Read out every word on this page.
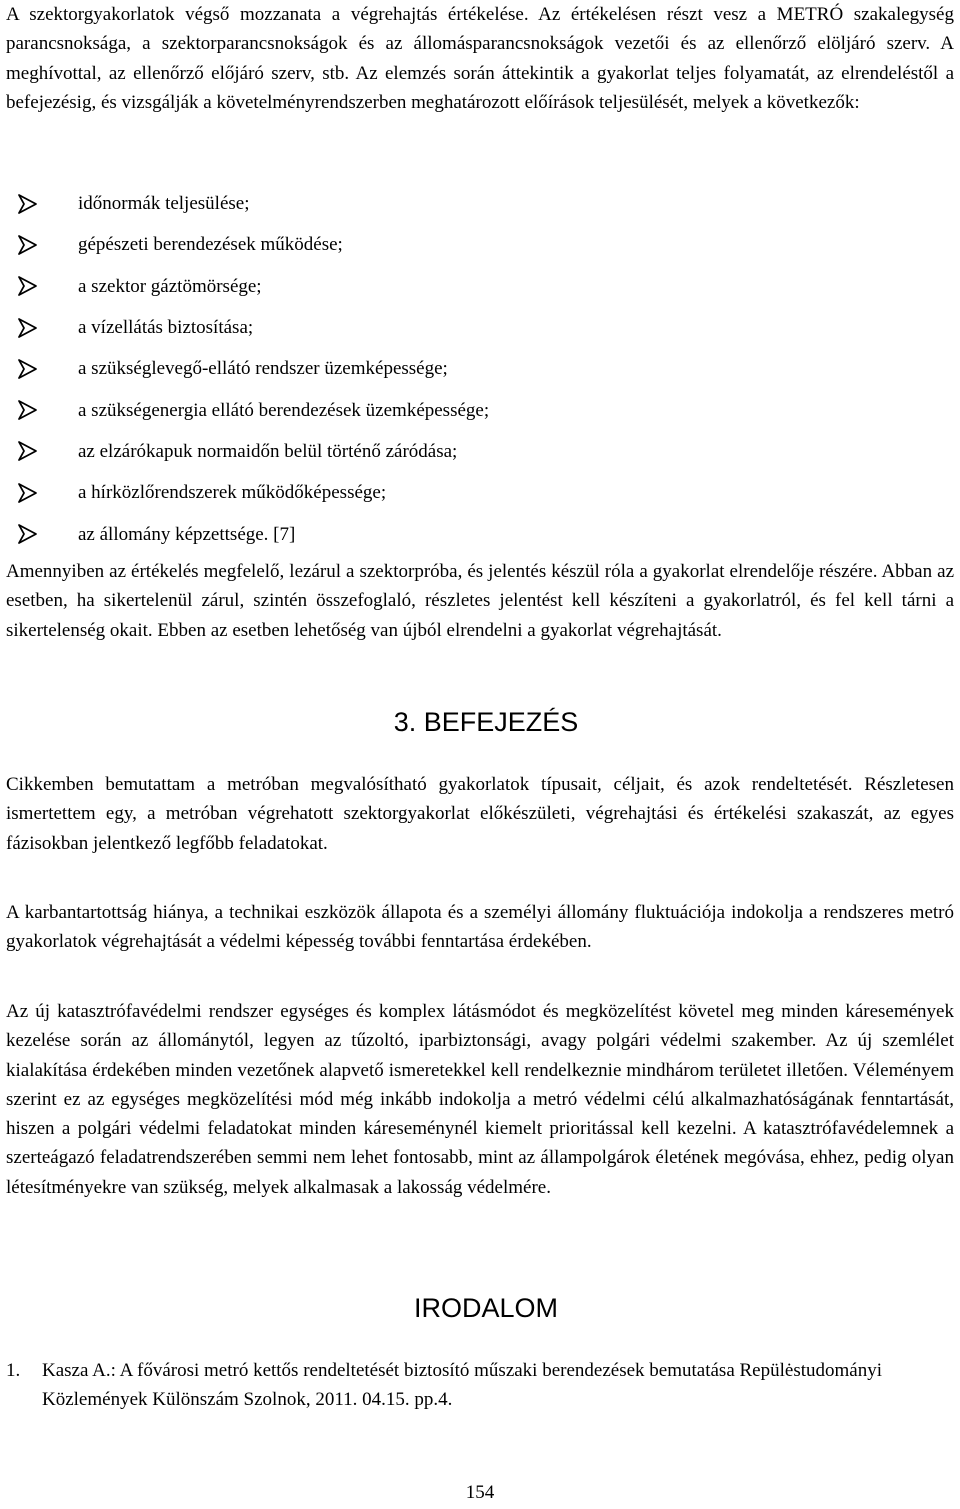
A szektorgyakorlatok végső mozzanata a végrehajtás értékelése. Az értékelésen részt vesz a METRÓ szakalegység parancsnoksága, a szektorparancsnokságok és az állomásparancsnokságok vezetői és az ellenőrző elöljáró szerv. A meghívottal, az ellenőrző előjáró szerv, stb. Az elemzés során áttekintik a gyakorlat teljes folyamatát, az elrendeléstől a befejezésig, és vizsgálják a követelményrendszerben meghatározott előírások teljesülését, melyek a következők:

időnormák teljesülése;
gépészeti berendezések működése;
a szektor gáztömörsége;
a vízellátás biztosítása;
a szükséglevegő-ellátó rendszer üzemképessége;
a szükségenergia ellátó berendezések üzemképessége;
az elzárókapuk normaidőn belül történő záródása;
a hírközlőrendszerek működőképessége;
az állomány képzettsége. [7]

Amennyiben az értékelés megfelelő, lezárul a szektorpróba, és jelentés készül róla a gyakorlat elrendelője részére. Abban az esetben, ha sikertelenül zárul, szintén összefoglaló, részletes jelentést kell készíteni a gyakorlatról, és fel kell tárni a sikertelenség okait. Ebben az esetben lehetőség van újból elrendelni a gyakorlat végrehajtását.

3. BEFEJEZÉS

Cikkemben bemutattam a metróban megvalósítható gyakorlatok típusait, céljait, és azok rendeltetését. Részletesen ismertettem egy, a metróban végrehatott szektorgyakorlat előkészületi, végrehajtási és értékelési szakaszát, az egyes fázisokban jelentkező legfőbb feladatokat.

A karbantartottság hiánya, a technikai eszközök állapota és a személyi állomány fluktuációja indokolja a rendszeres metró gyakorlatok végrehajtását a védelmi képesség további fenntartása érdekében.

Az új katasztrófavédelmi rendszer egységes és komplex látásmódot és megközelítést követel meg minden káresemények kezelése során az állománytól, legyen az tűzoltó, iparbiztonsági, avagy polgári védelmi szakember. Az új szemlélet kialakítása érdekében minden vezetőnek alapvető ismeretekkel kell rendelkeznie mindhárom területet illetően. Véleményem szerint ez az egységes megközelítési mód még inkább indokolja a metró védelmi célú alkalmazhatóságának fenntartását, hiszen a polgári védelmi feladatokat minden káreseménynél kiemelt prioritással kell kezelni. A katasztrófavédelemnek a szerteágazó feladatrendszerében semmi nem lehet fontosabb, mint az állampolgárok életének megóvása, ehhez, pedig olyan létesítményekre van szükség, melyek alkalmasak a lakosság védelmére.

IRODALOM
1. Kasza A.: A fővárosi metró kettős rendeltetését biztosító műszaki berendezések bemutatása Repülėstudományi Közlemények Különszám Szolnok, 2011. 04.15. pp.4.

154
